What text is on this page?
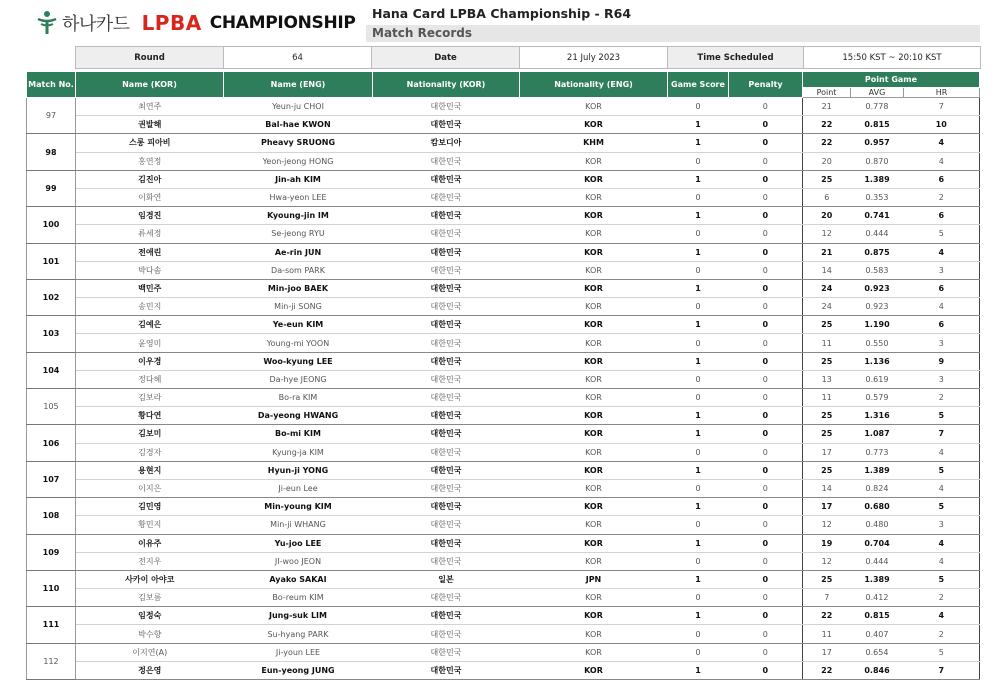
하나카드 LPBA CHAMPIONSHIP	Hana Card LPBA Championship - R64
Match Records
Round	64	Date	21 July 2023	Time Scheduled	15:50 KST ~ 20:10 KST
Match No.	Name (KOR)	Name (ENG)	Nationality (KOR)	Nationality (ENG)	Game Score	Penalty	Point Game		
							Point	AVG	HR
97	최연주	Yeun-ju CHOI	대한민국	KOR	0	0	21	0.778	7
	권발해	Bal-hae KWON	대한민국	KOR	1	0	22	0.815	10
98	스롱 피아비	Pheavy SRUONG	캄보디아	KHM	1	0	22	0.957	4
	홍연정	Yeon-jeong HONG	대한민국	KOR	0	0	20	0.870	4
99	김진아	Jin-ah KIM	대한민국	KOR	1	0	25	1.389	6
	이화연	Hwa-yeon LEE	대한민국	KOR	0	0	6	0.353	2
100	임경진	Kyoung-jin IM	대한민국	KOR	1	0	20	0.741	6
	류세정	Se-jeong RYU	대한민국	KOR	0	0	12	0.444	5
101	전애린	Ae-rin JUN	대한민국	KOR	1	0	21	0.875	4
	박다솜	Da-som PARK	대한민국	KOR	0	0	14	0.583	3
102	백민주	Min-joo BAEK	대한민국	KOR	1	0	24	0.923	6
	송민지	Min-ji SONG	대한민국	KOR	0	0	24	0.923	4
103	김예은	Ye-eun KIM	대한민국	KOR	1	0	25	1.190	6
	윤영미	Young-mi YOON	대한민국	KOR	0	0	11	0.550	3
104	이우경	Woo-kyung LEE	대한민국	KOR	1	0	25	1.136	9
	정다혜	Da-hye JEONG	대한민국	KOR	0	0	13	0.619	3
105	김보라	Bo-ra KIM	대한민국	KOR	0	0	11	0.579	2
	황다연	Da-yeong HWANG	대한민국	KOR	1	0	25	1.316	5
106	김보미	Bo-mi KIM	대한민국	KOR	1	0	25	1.087	7
	김경자	Kyung-ja KIM	대한민국	KOR	0	0	17	0.773	4
107	용현지	Hyun-ji YONG	대한민국	KOR	1	0	25	1.389	5
	이지은	Ji-eun Lee	대한민국	KOR	0	0	14	0.824	4
108	김민영	Min-young KIM	대한민국	KOR	1	0	17	0.680	5
	황민지	Min-ji WHANG	대한민국	KOR	0	0	12	0.480	3
109	이유주	Yu-joo LEE	대한민국	KOR	1	0	19	0.704	4
	전지우	JI-woo JEON	대한민국	KOR	0	0	12	0.444	4
110	사카이 아야코	Ayako SAKAI	일본	JPN	1	0	25	1.389	5
	김보름	Bo-reum KIM	대한민국	KOR	0	0	7	0.412	2
111	임정숙	Jung-suk LIM	대한민국	KOR	1	0	22	0.815	4
	박수향	Su-hyang PARK	대한민국	KOR	0	0	11	0.407	2
112	이지연(A)	Ji-youn LEE	대한민국	KOR	0	0	17	0.654	5
	정은영	Eun-yeong JUNG	대한민국	KOR	1	0	22	0.846	7
